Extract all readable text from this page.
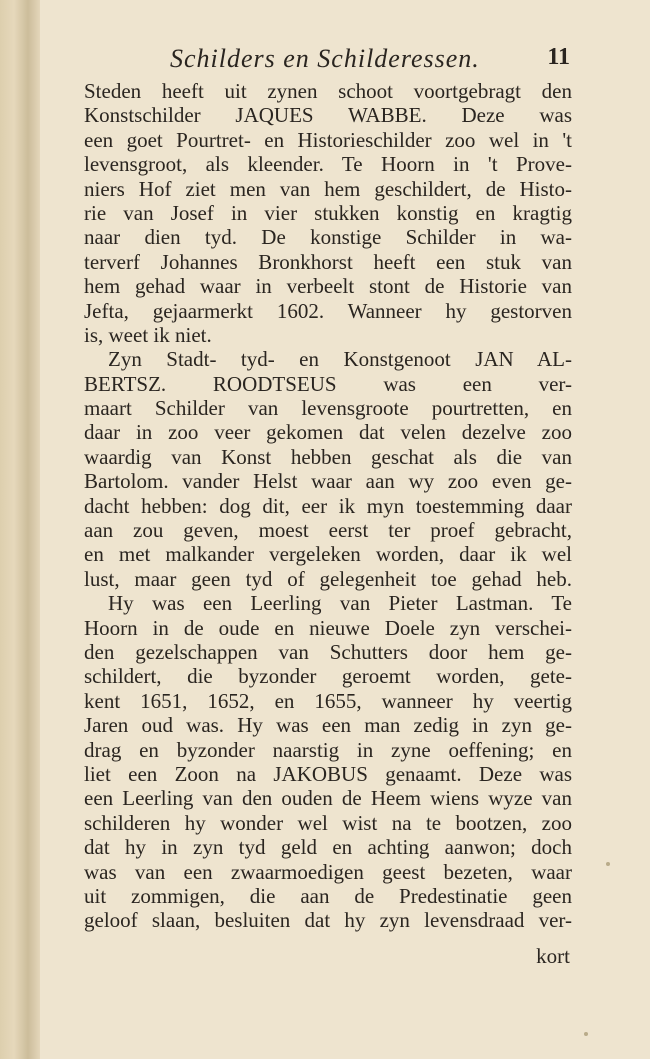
Schilders en Schilderessen.	11
Steden heeft uit zynen schoot voortgebragt den
Konstschilder JAQUES WABBE. Deze was
een goet Pourtret- en Historieschilder zoo wel in 't
levensgroot, als kleender. Te Hoorn in 't Prove-
niers Hof ziet men van hem geschildert, de Histo-
rie van Josef in vier stukken konstig en kragtig
naar dien tyd. De konstige Schilder in wa-
terverf Johannes Bronkhorst heeft een stuk van
hem gehad waar in verbeelt stont de Historie van
Jefta, gejaarmerkt 1602. Wanneer hy gestorven
is, weet ik niet.
Zyn Stadt- tyd- en Konstgenoot JAN AL-
BERTSZ. ROODTSEUS was een ver-
maart Schilder van levensgroote pourtretten, en
daar in zoo veer gekomen dat velen dezelve zoo
waardig van Konst hebben geschat als die van
Bartolom. vander Helst waar aan wy zoo even ge-
dacht hebben: dog dit, eer ik myn toestemming daar
aan zou geven, moest eerst ter proef gebracht,
en met malkander vergeleken worden, daar ik wel
lust, maar geen tyd of gelegenheit toe gehad heb.
Hy was een Leerling van Pieter Lastman. Te
Hoorn in de oude en nieuwe Doele zyn verschei-
den gezelschappen van Schutters door hem ge-
schildert, die byzonder geroemt worden, gete-
kent 1651, 1652, en 1655, wanneer hy veertig
Jaren oud was. Hy was een man zedig in zyn ge-
drag en byzonder naarstig in zyne oeffening; en
liet een Zoon na JAKOBUS genaamt. Deze was
een Leerling van den ouden de Heem wiens wyze van
schilderen hy wonder wel wist na te bootzen, zoo
dat hy in zyn tyd geld en achting aanwon; doch
was van een zwaarmoedigen geest bezeten, waar
uit zommigen, die aan de Predestinatie geen
geloof slaan, besluiten dat hy zyn levensdraad ver-
kort
